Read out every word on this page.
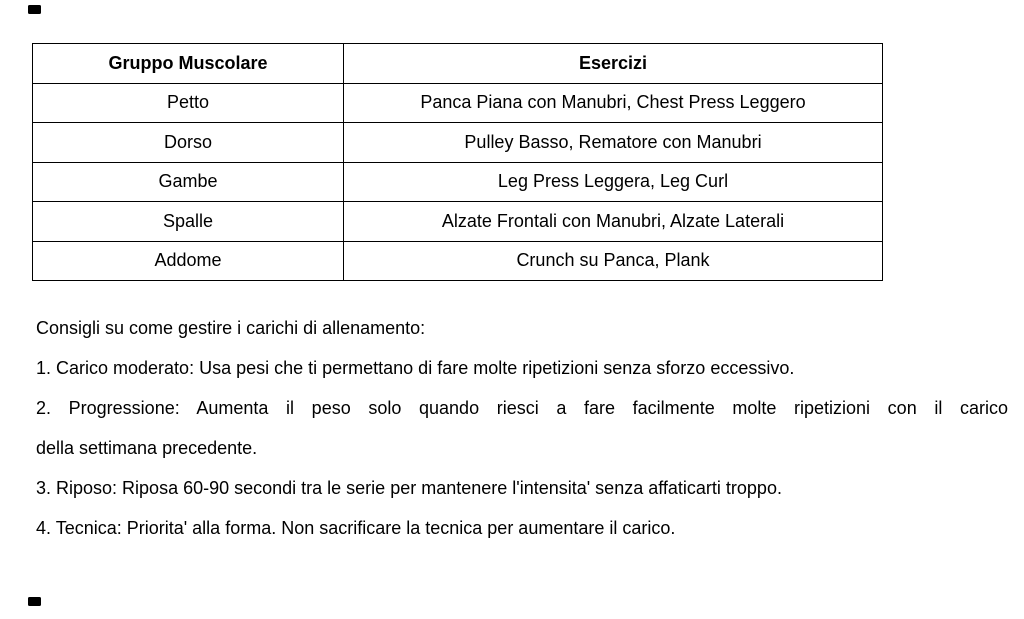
Gruppo Muscolare	Esercizi
Petto	Panca Piana con Manubri, Chest Press Leggero
Dorso	Pulley Basso, Rematore con Manubri
Gambe	Leg Press Leggera, Leg Curl
Spalle	Alzate Frontali con Manubri, Alzate Laterali
Addome	Crunch su Panca, Plank

Consigli su come gestire i carichi di allenamento:

1. Carico moderato: Usa pesi che ti permettano di fare molte ripetizioni senza sforzo eccessivo.
2. Progressione: Aumenta il peso solo quando riesci a fare facilmente molte ripetizioni con il carico
della settimana precedente.
3. Riposo: Riposa 60-90 secondi tra le serie per mantenere l'intensita' senza affaticarti troppo.
4. Tecnica: Priorita' alla forma. Non sacrificare la tecnica per aumentare il carico.
